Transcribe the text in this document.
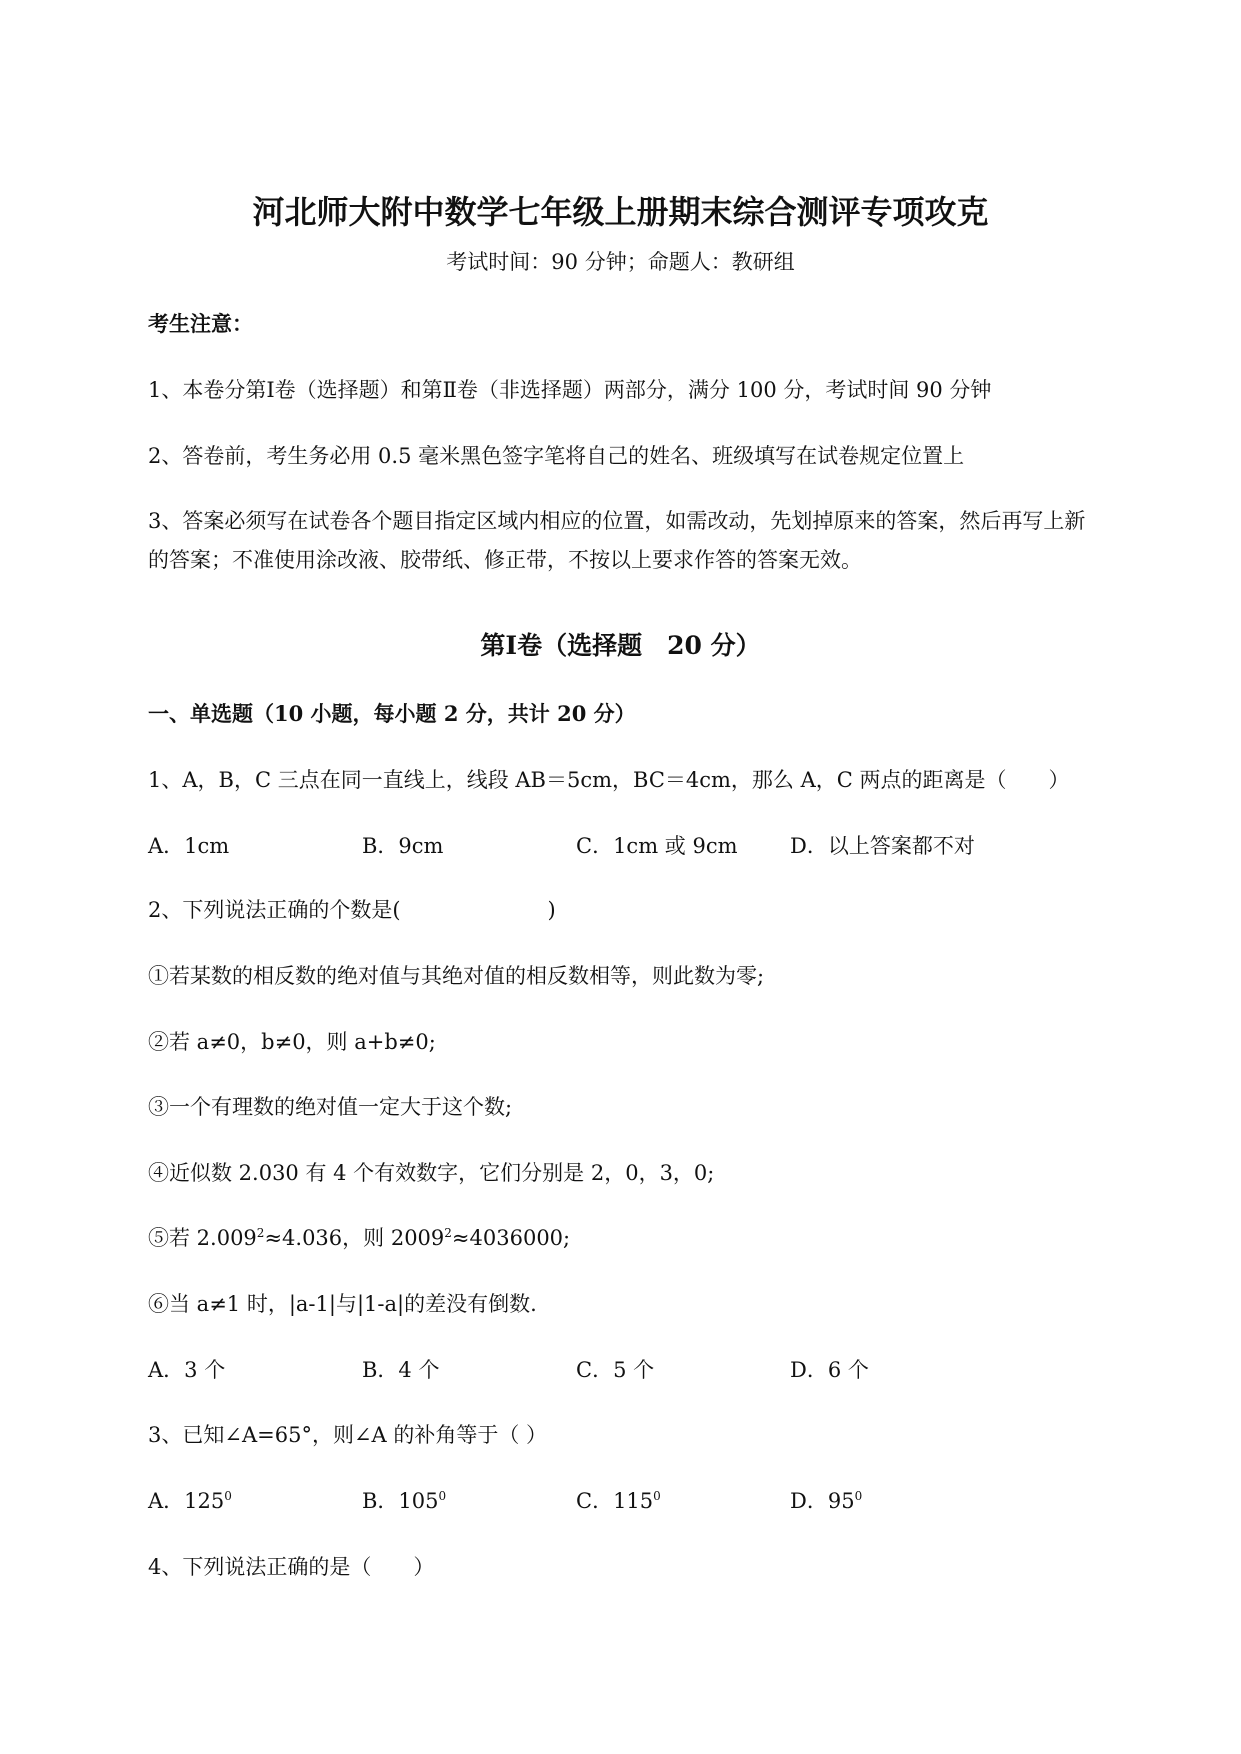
河北师大附中数学七年级上册期末综合测评专项攻克
考试时间：90 分钟；命题人：教研组
考生注意：
1、本卷分第Ⅰ卷（选择题）和第Ⅱ卷（非选择题）两部分，满分 100 分，考试时间 90 分钟
2、答卷前，考生务必用 0.5 毫米黑色签字笔将自己的姓名、班级填写在试卷规定位置上
3、答案必须写在试卷各个题目指定区域内相应的位置，如需改动，先划掉原来的答案，然后再写上新
的答案；不准使用涂改液、胶带纸、修正带，不按以上要求作答的答案无效。
第Ⅰ卷（选择题　20 分）
一、单选题（10 小题，每小题 2 分，共计 20 分）
1、A，B，C 三点在同一直线上，线段 AB＝5cm，BC＝4cm，那么 A，C 两点的距离是（　　）
A．1cm	B．9cm	C．1cm 或 9cm	D．以上答案都不对
2、下列说法正确的个数是(　　　　　　　)
①若某数的相反数的绝对值与其绝对值的相反数相等，则此数为零;
②若 a≠0，b≠0，则 a+b≠0;
③一个有理数的绝对值一定大于这个数;
④近似数 2.030 有 4 个有效数字，它们分别是 2，0，3，0;
⑤若 $2.009^2\approx 4.036$，则 $2009^2\approx 4036000$;
⑥当 a≠1 时，|a-1|与|1-a|的差没有倒数.
A．3 个	B．4 个	C．5 个	D．6 个
3、已知∠A=65°，则∠A 的补角等于（ ）
A．$125^0$	B．$105^0$	C．$115^0$	D．$95^0$
4、下列说法正确的是（　　）
